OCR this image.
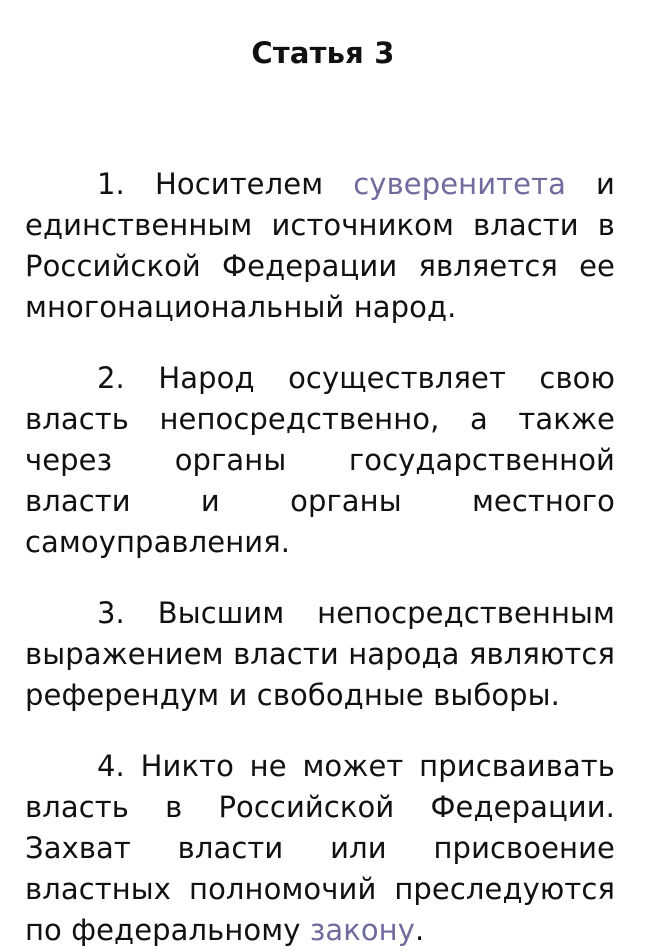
Статья 3

1. Носителем суверенитета и единственным источником власти в Российской Федерации является ее многонациональный народ.

2. Народ осуществляет свою власть непосредственно, а также через органы государственной власти и органы местного самоуправления.

3. Высшим непосредственным выражением власти народа являются референдум и свободные выборы.

4. Никто не может присваивать власть в Российской Федерации. Захват власти или присвоение властных полномочий преследуются по федеральному закону.
